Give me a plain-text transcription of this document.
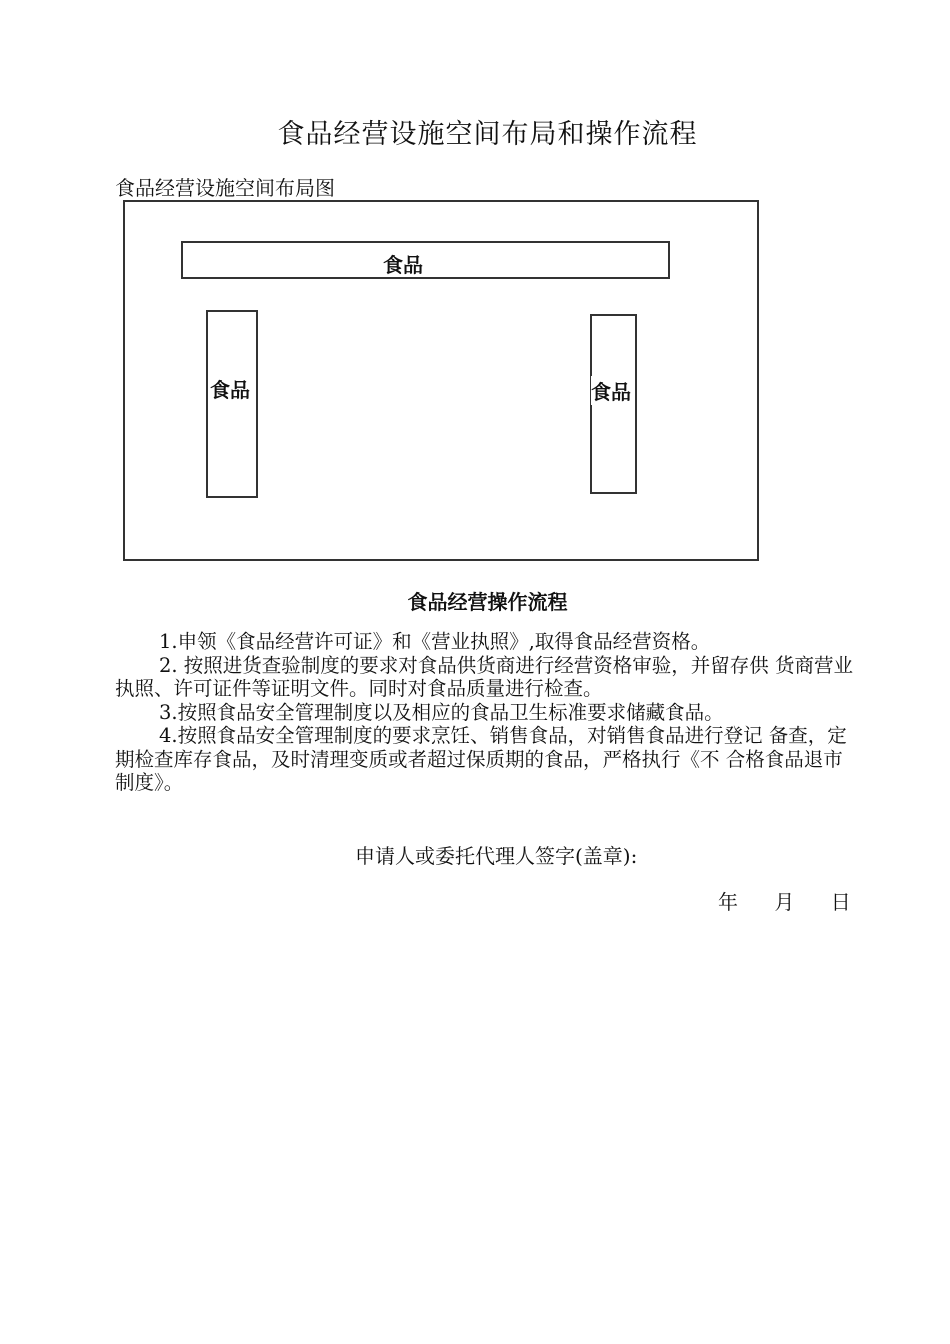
食品经营设施空间布局和操作流程
食品经营设施空间布局图
食品
食品	食品
食品经营操作流程

1.申领《食品经营许可证》和《营业执照》,取得食品经营资格。

2. 按照进货查验制度的要求对食品供货商进行经营资格审验，并留存供 货商营业执照、许可证件等证明文件。同时对食品质量进行检查。

3.按照食品安全管理制度以及相应的食品卫生标准要求储藏食品。

4.按照食品安全管理制度的要求烹饪、销售食品，对销售食品进行登记 备查，定期检查库存食品，及时清理变质或者超过保质期的食品，严格执行《不 合格食品退市制度》。

申请人或委托代理人签字(盖章):
年 月 日
